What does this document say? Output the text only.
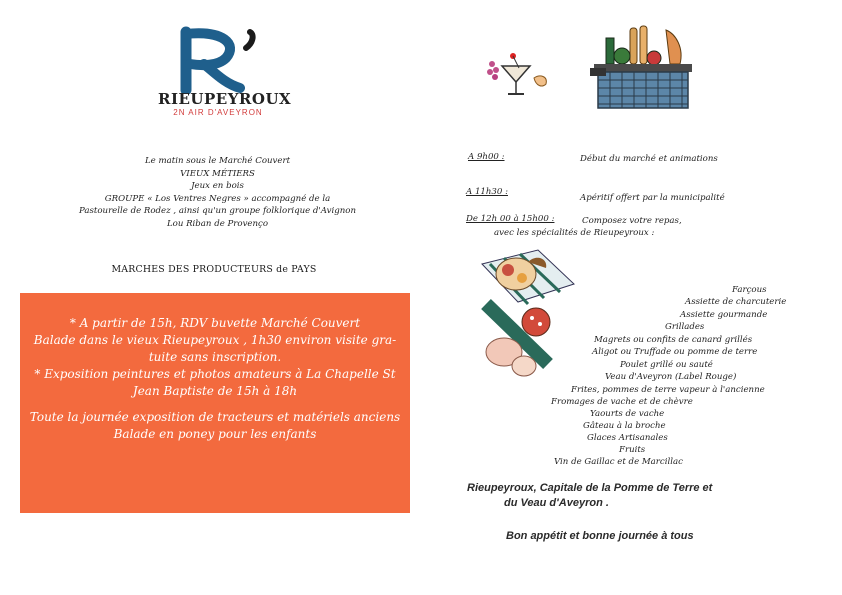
RIEUPEYROUX
2N AIR D'AVEYRON
Le matin sous le Marché Couvert
VIEUX MÉTIERS
Jeux en bois
GROUPE « Los Ventres Negres » accompagné de la
Pastourelle de Rodez , ainsi qu'un groupe folklorique d'Avignon
Lou Riban de Provenço
MARCHES DES PRODUCTEURS de PAYS
* A partir de 15h, RDV buvette Marché Couvert
Balade dans le vieux Rieupeyroux , 1h30 environ visite gra-
tuite sans inscription.
* Exposition peintures et photos amateurs à La Chapelle St
Jean Baptiste de 15h à 18h
Toute la journée exposition de tracteurs et matériels anciens
Balade en poney pour les enfants
A 9h00 :	Début du marché et animations
A 11h30 :
Apéritif offert par la municipalité
De 12h 00 à 15h00 :	Composez votre repas,
avec les spécialités de Rieupeyroux :
Farçous
Assiette de charcuterie
Assiette gourmande
Grillades
Magrets ou confits de canard grillés
Aligot ou Truffade ou pomme de terre
Poulet grillé ou sauté
Veau d'Aveyron (Label Rouge)
Frites, pommes de terre vapeur à l'ancienne
Fromages de vache et de chèvre
Yaourts de vache
Gâteau à la broche
Glaces Artisanales
Fruits
Vin de Gaillac et de Marcillac
Rieupeyroux, Capitale de la Pomme de Terre et
du Veau d'Aveyron .
Bon appétit et bonne journée à tous
